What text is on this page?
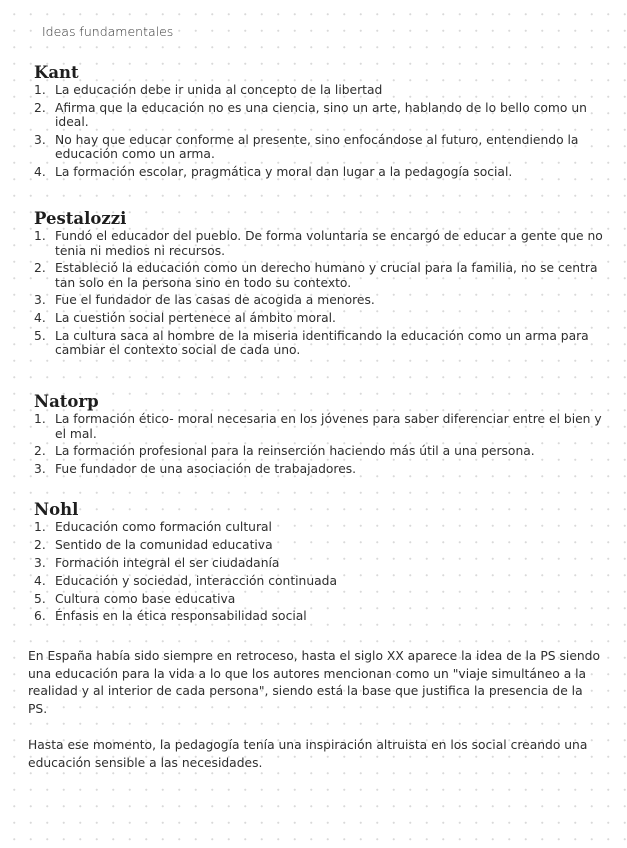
Ideas fundamentales
Kant
1. La educación debe ir unida al concepto de la libertad
2. Afirma que la educación no es una ciencia, sino un arte, hablando de lo bello como un ideal.
3. No hay que educar conforme al presente, sino enfocándose al futuro, entendiendo la educación como un arma.
4. La formación escolar, pragmática y moral dan lugar a la pedagogía social.
Pestalozzi
1. Fundó el educador del pueblo. De forma voluntaria se encargó de educar a gente que no tenia ni medios ni recursos.
2. Estableció la educación como un derecho humano y crucial para la familia, no se centra tan solo en la persona sino en todo su contexto.
3. Fue el fundador de las casas de acogida a menores.
4. La cuestión social pertenece al ámbito moral.
5. La cultura saca al hombre de la miseria identificando la educación como un arma para cambiar el contexto social de cada uno.
Natorp
1. La formación ético- moral necesaria en los jóvenes para saber diferenciar entre el bien y el mal.
2. La formación profesional para la reinserción haciendo más útil a una persona.
3. Fue fundador de una asociación de trabajadores.
Nohl
1. Educación como formación cultural
2. Sentido de la comunidad educativa
3. Formación integral el ser ciudadanía
4. Educación y sociedad, interacción continuada
5. Cultura como base educativa
6. Énfasis en la ética responsabilidad social

En España había sido siempre en retroceso, hasta el siglo XX aparece la idea de la PS siendo una educación para la vida a lo que los autores mencionan como un "viaje simultáneo a la realidad y al interior de cada persona", siendo está la base que justifica la presencia de la PS.

Hasta ese momento, la pedagogía tenía una inspiración altruista en los social creando una educación sensible a las necesidades.
